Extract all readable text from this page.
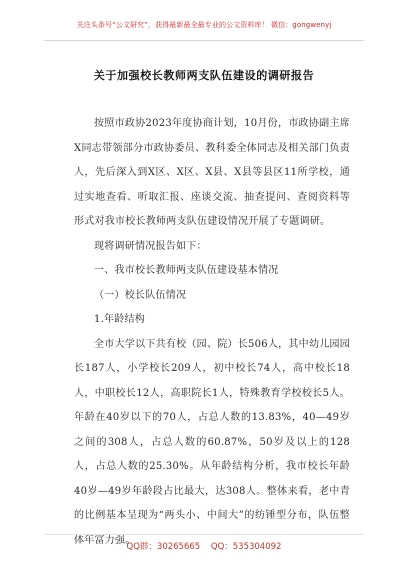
关注头条号“公文研究”，获得最新最全最专业的公文资料库！ 微信：gongwenyj
关于加强校长教师两支队伍建设的调研报告

按照市政协2023年度协商计划，10月份，市政协副主席X同志带领部分市政协委员、教科委全体同志及相关部门负责人，先后深入到X区、X区、X县、X县等县区11所学校，通过实地查看、听取汇报、座谈交流、抽查提问、查阅资料等形式对我市校长教师两支队伍建设情况开展了专题调研。

现将调研情况报告如下：

一、我市校长教师两支队伍建设基本情况

（一）校长队伍情况

1.年龄结构

全市大学以下共有校（园、院）长506人，其中幼儿园园长187人，小学校长209人，初中校长74人，高中校长18人，中职校长12人，高职院长1人，特殊教育学校校长5人。年龄在40岁以下的70人，占总人数的13.83%，40—49岁之间的308人，占总人数的60.87%，50岁及以上的128人，占总人数的25.30%。从年龄结构分析，我市校长年龄40岁—49岁年龄段占比最大，达308人。整体来看，老中青的比例基本呈现为“两头小、中间大”的纺锤型分布，队伍整体年富力强。

QQ群：30265665 QQ：535304092
